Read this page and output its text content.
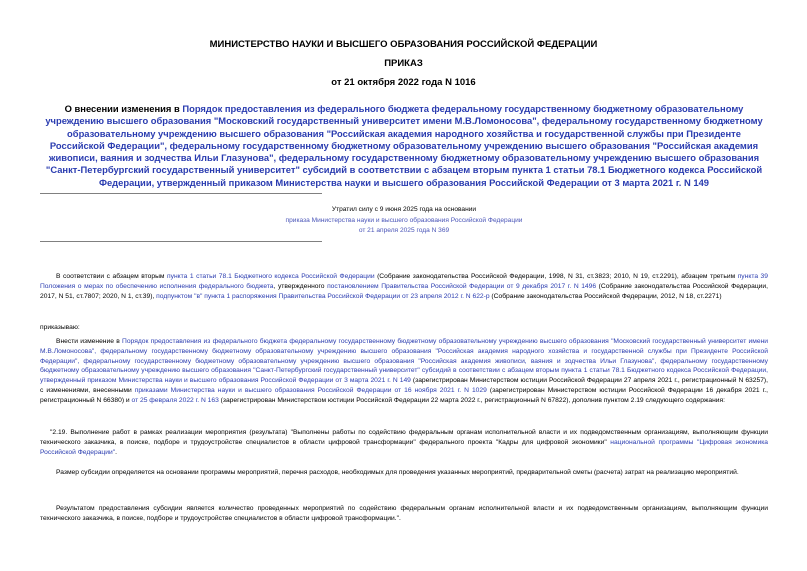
МИНИСТЕРСТВО НАУКИ И ВЫСШЕГО ОБРАЗОВАНИЯ РОССИЙСКОЙ ФЕДЕРАЦИИ
ПРИКАЗ
от 21 октября 2022 года N 1016
О внесении изменения в Порядок предоставления из федерального бюджета федеральному государственному бюджетному образовательному учреждению высшего образования "Московский государственный университет имени М.В.Ломоносова", федеральному государственному бюджетному образовательному учреждению высшего образования "Российская академия народного хозяйства и государственной службы при Президенте Российской Федерации", федеральному государственному бюджетному образовательному учреждению высшего образования "Российская академия живописи, ваяния и зодчества Ильи Глазунова", федеральному государственному бюджетному образовательному учреждению высшего образования "Санкт-Петербургский государственный университет" субсидий в соответствии с абзацем вторым пункта 1 статьи 78.1 Бюджетного кодекса Российской Федерации, утвержденный приказом Министерства науки и высшего образования Российской Федерации от 3 марта 2021 г. N 149
Утратил силу с 9 июня 2025 года на основании
приказа Министерства науки и высшего образования Российской Федерации
от 21 апреля 2025 года N 369
В соответствии с абзацем вторым пункта 1 статьи 78.1 Бюджетного кодекса Российской Федерации (Собрание законодательства Российской Федерации, 1998, N 31, ст.3823; 2010, N 19, ст.2291), абзацем третьим пункта 39 Положения о мерах по обеспечению исполнения федерального бюджета, утвержденного постановлением Правительства Российской Федерации от 9 декабря 2017 г. N 1496 (Собрание законодательства Российской Федерации, 2017, N 51, ст.7807; 2020, N 1, ст.39), подпунктом "в" пункта 1 распоряжения Правительства Российской Федерации от 23 апреля 2012 г. N 622-р (Собрание законодательства Российской Федерации, 2012, N 18, ст.2271)
приказываю:
Внести изменение в Порядок предоставления из федерального бюджета федеральному государственному бюджетному образовательному учреждению высшего образования "Московский государственный университет имени М.В.Ломоносова", федеральному государственному бюджетному образовательному учреждению высшего образования "Российская академия народного хозяйства и государственной службы при Президенте Российской Федерации", федеральному государственному бюджетному образовательному учреждению высшего образования "Российская академия живописи, ваяния и зодчества Ильи Глазунова", федеральному государственному бюджетному образовательному учреждению высшего образования "Санкт-Петербургский государственный университет" субсидий в соответствии с абзацем вторым пункта 1 статьи 78.1 Бюджетного кодекса Российской Федерации, утвержденный приказом Министерства науки и высшего образования Российской Федерации от 3 марта 2021 г. N 149 (зарегистрирован Министерством юстиции Российской Федерации 27 апреля 2021 г., регистрационный N 63257), с изменениями, внесенными приказами Министерства науки и высшего образования Российской Федерации от 16 ноября 2021 г. N 1029 (зарегистрирован Министерством юстиции Российской Федерации 16 декабря 2021 г., регистрационный N 66380) и от 25 февраля 2022 г. N 163 (зарегистрирован Министерством юстиции Российской Федерации 22 марта 2022 г., регистрационный N 67822), дополнив пунктом 2.19 следующего содержания:
"2.19. Выполнение работ в рамках реализации мероприятия (результата) "Выполнены работы по содействию федеральным органам исполнительной власти и их подведомственным организациям, выполняющим функции технического заказчика, в поиске, подборе и трудоустройстве специалистов в области цифровой трансформации" федерального проекта "Кадры для цифровой экономики" национальной программы "Цифровая экономика Российской Федерации".
Размер субсидии определяется на основании программы мероприятий, перечня расходов, необходимых для проведения указанных мероприятий, предварительной сметы (расчета) затрат на реализацию мероприятий.
Результатом предоставления субсидии является количество проведенных мероприятий по содействию федеральным органам исполнительной власти и их подведомственным организациям, выполняющим функции технического заказчика, в поиске, подборе и трудоустройстве специалистов в области цифровой трансформации.".
